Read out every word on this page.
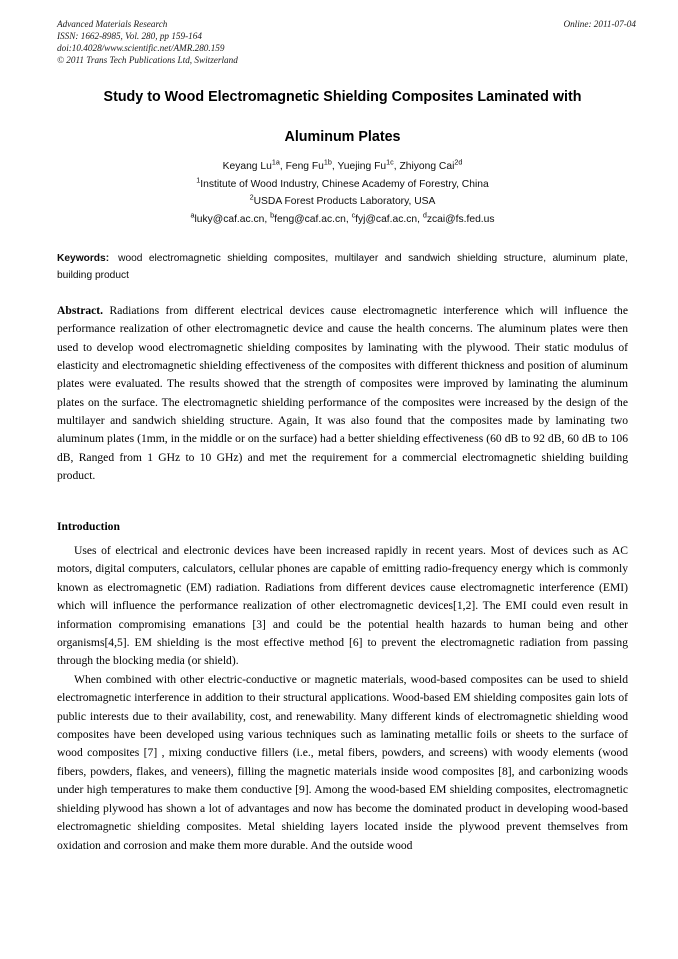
Online: 2011-07-04
Advanced Materials Research
ISSN: 1662-8985, Vol. 280, pp 159-164
doi:10.4028/www.scientific.net/AMR.280.159
© 2011 Trans Tech Publications Ltd, Switzerland
Study to Wood Electromagnetic Shielding Composites Laminated with
Aluminum Plates
Keyang $Lu^{1a}$, Feng $Fu^{1b}$, Yuejing $Fu^{1c}$, Zhiyong Cai$^{2d}$
$^1$Institute of Wood Industry, Chinese Academy of Forestry, China
$^2$USDA Forest Products Laboratory, USA
$^a$luky@caf.ac.cn, $^b$feng@caf.ac.cn, $^c$fyj@caf.ac.cn, $^d$zcai@fs.fed.us
Keywords: wood electromagnetic shielding composites, multilayer and sandwich shielding structure, aluminum plate, building product
Abstract. Radiations from different electrical devices cause electromagnetic interference which will influence the performance realization of other electromagnetic device and cause the health concerns. The aluminum plates were then used to develop wood electromagnetic shielding composites by laminating with the plywood. Their static modulus of elasticity and electromagnetic shielding effectiveness of the composites with different thickness and position of aluminum plates were evaluated. The results showed that the strength of composites were improved by laminating the aluminum plates on the surface. The electromagnetic shielding performance of the composites were increased by the design of the multilayer and sandwich shielding structure. Again, It was also found that the composites made by laminating two aluminum plates (1mm, in the middle or on the surface) had a better shielding effectiveness (60 dB to 92 dB, 60 dB to 106 dB, Ranged from 1 GHz to 10 GHz) and met the requirement for a commercial electromagnetic shielding building product.
Introduction

Uses of electrical and electronic devices have been increased rapidly in recent years. Most of devices such as AC motors, digital computers, calculators, cellular phones are capable of emitting radio-frequency energy which is commonly known as electromagnetic (EM) radiation. Radiations from different devices cause electromagnetic interference (EMI) which will influence the performance realization of other electromagnetic devices[1,2]. The EMI could even result in information compromising emanations [3] and could be the potential health hazards to human being and other organisms[4,5]. EM shielding is the most effective method [6] to prevent the electromagnetic radiation from passing through the blocking media (or shield).

When combined with other electric-conductive or magnetic materials, wood-based composites can be used to shield electromagnetic interference in addition to their structural applications. Wood-based EM shielding composites gain lots of public interests due to their availability, cost, and renewability. Many different kinds of electromagnetic shielding wood composites have been developed using various techniques such as laminating metallic foils or sheets to the surface of wood composites [7] , mixing conductive fillers (i.e., metal fibers, powders, and screens) with woody elements (wood fibers, powders, flakes, and veneers), filling the magnetic materials inside wood composites [8], and carbonizing woods under high temperatures to make them conductive [9]. Among the wood-based EM shielding composites, electromagnetic shielding plywood has shown a lot of advantages and now has become the dominated product in developing wood-based electromagnetic shielding composites. Metal shielding layers located inside the plywood prevent themselves from oxidation and corrosion and make them more durable. And the outside wood
